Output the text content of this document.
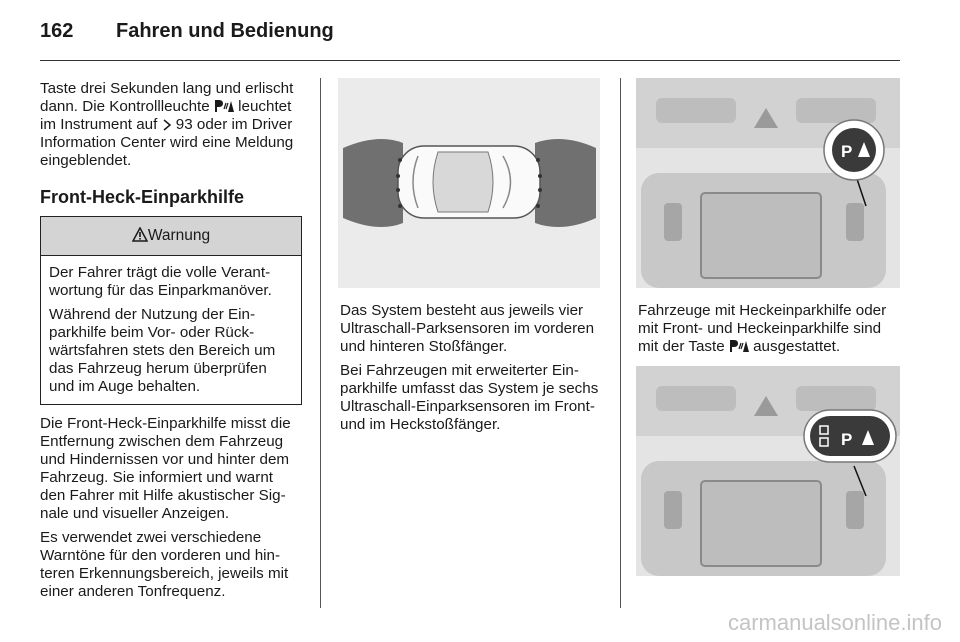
162 Fahren und Bedienung

Taste drei Sekunden lang und erlischt dann. Die Kontrollleuchte  leuchtet im Instrument auf  93 oder im Driver Information Center wird eine Meldung eingeblendet.

Front-Heck-Einparkhilfe
Warnung

Der Fahrer trägt die volle Verantwortung für das Einparkmanöver.

Während der Nutzung der Einparkhilfe beim Vor- oder Rückwärtsfahren stets den Bereich um das Fahrzeug herum überprüfen und im Auge behalten.

Die Front-Heck-Einparkhilfe misst die Entfernung zwischen dem Fahrzeug und Hindernissen vor und hinter dem Fahrzeug. Sie informiert und warnt den Fahrer mit Hilfe akustischer Signale und visueller Anzeigen.

Es verwendet zwei verschiedene Warntöne für den vorderen und hinteren Erkennungsbereich, jeweils mit einer anderen Tonfrequenz.

Das System besteht aus jeweils vier Ultraschall-Parksensoren im vorderen und hinteren Stoßfänger.

Bei Fahrzeugen mit erweiterter Einparkhilfe umfasst das System je sechs Ultraschall-Einparksensoren im Front- und im Heckstoßfänger.

P

Fahrzeuge mit Heckeinparkhilfe oder mit Front- und Heckeinparkhilfe sind mit der Taste  ausgestattet.

P
carmanualsonline.info
